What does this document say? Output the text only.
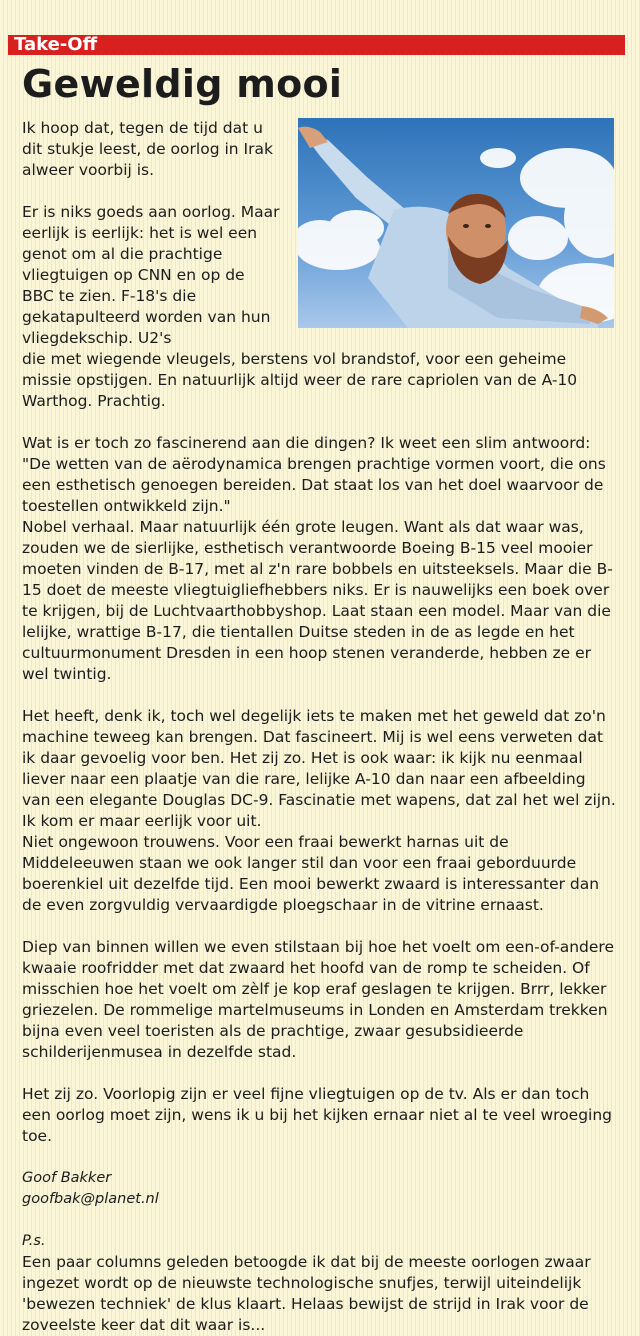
Take-Off
Geweldig mooi

Ik hoop dat, tegen de tijd dat u dit stukje leest, de oorlog in Irak alweer voorbij is.

Er is niks goeds aan oorlog. Maar eerlijk is eerlijk: het is wel een genot om al die prachtige vliegtuigen op CNN en op de BBC te zien. F-18's die gekatapulteerd worden van hun vliegdekschip. U2's

die met wiegende vleugels, berstens vol brandstof, voor een geheime missie opstijgen. En natuurlijk altijd weer de rare capriolen van de A-10 Warthog. Prachtig.

Wat is er toch zo fascinerend aan die dingen? Ik weet een slim antwoord: "De wetten van de aërodynamica brengen prachtige vormen voort, die ons een esthetisch genoegen bereiden. Dat staat los van het doel waarvoor de toestellen ontwikkeld zijn."

Nobel verhaal. Maar natuurlijk één grote leugen. Want als dat waar was, zouden we de sierlijke, esthetisch verantwoorde Boeing B-15 veel mooier moeten vinden de B-17, met al z'n rare bobbels en uitsteeksels. Maar die B-15 doet de meeste vliegtuigliefhebbers niks. Er is nauwelijks een boek over te krijgen, bij de Luchtvaarthobbyshop. Laat staan een model. Maar van die lelijke, wrattige B-17, die tientallen Duitse steden in de as legde en het cultuurmonument Dresden in een hoop stenen veranderde, hebben ze er wel twintig.

Het heeft, denk ik, toch wel degelijk iets te maken met het geweld dat zo'n machine teweeg kan brengen. Dat fascineert. Mij is wel eens verweten dat ik daar gevoelig voor ben. Het zij zo. Het is ook waar: ik kijk nu eenmaal liever naar een plaatje van die rare, lelijke A-10 dan naar een afbeelding van een elegante Douglas DC-9. Fascinatie met wapens, dat zal het wel zijn. Ik kom er maar eerlijk voor uit.

Niet ongewoon trouwens. Voor een fraai bewerkt harnas uit de Middeleeuwen staan we ook langer stil dan voor een fraai geborduurde boerenkiel uit dezelfde tijd. Een mooi bewerkt zwaard is interessanter dan de even zorgvuldig vervaardigde ploegschaar in de vitrine ernaast.

Diep van binnen willen we even stilstaan bij hoe het voelt om een-of-andere kwaaie roofridder met dat zwaard het hoofd van de romp te scheiden. Of misschien hoe het voelt om zèlf je kop eraf geslagen te krijgen. Brrr, lekker griezelen. De rommelige martelmuseums in Londen en Amsterdam trekken bijna even veel toeristen als de prachtige, zwaar gesubsidieerde schilderijenmusea in dezelfde stad.

Het zij zo. Voorlopig zijn er veel fijne vliegtuigen op de tv. Als er dan toch een oorlog moet zijn, wens ik u bij het kijken ernaar niet al te veel wroeging toe.

Goof Bakker

goofbak@planet.nl

P.s.

Een paar columns geleden betoogde ik dat bij de meeste oorlogen zwaar ingezet wordt op de nieuwste technologische snufjes, terwijl uiteindelijk 'bewezen techniek' de klus klaart. Helaas bewijst de strijd in Irak voor de zoveelste keer dat dit waar is...
